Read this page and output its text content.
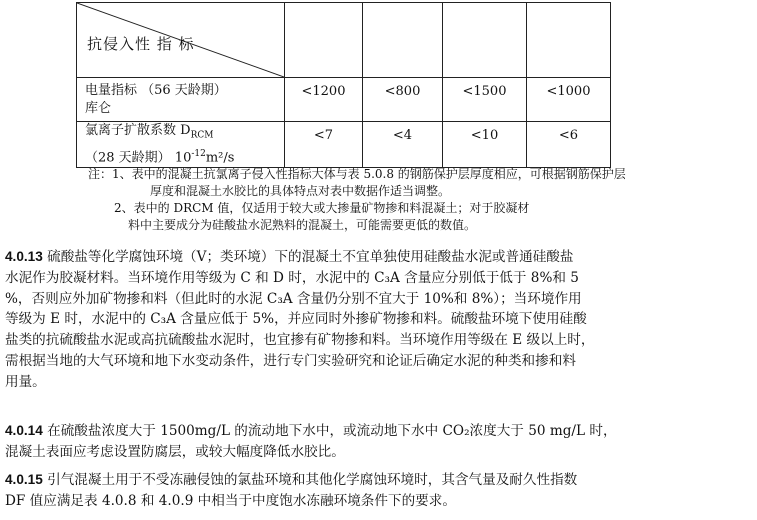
抗侵入性 指 标				

电量指标 （56 天龄期）
库仑	<1200	<800	<1500	<1000

氯离子扩散系数 $D_{RCM}$
（28 天龄期） $10^{-12}m^2/s$	<7	<4	<10	<6
注：1、表中的混凝土抗氯离子侵入性指标大体与表 5.0.8 的钢筋保护层厚度相应，可根据钢筋保护层
厚度和混凝土水胶比的具体特点对表中数据作适当调整。
2、表中的 DRCM 值，仅适用于较大或大掺量矿物掺和料混凝土；对于胶凝材
料中主要成分为硅酸盐水泥熟料的混凝土，可能需要更低的数值。
4.0.13 硫酸盐等化学腐蚀环境（V；类环境）下的混凝土不宜单独使用硅酸盐水泥或普通硅酸盐
水泥作为胶凝材料。当环境作用等级为 C 和 D 时，水泥中的 C₃A 含量应分别低于低于 8%和 5
%，否则应外加矿物掺和料（但此时的水泥 C₃A 含量仍分别不宜大于 10%和 8%）；当环境作用
等级为 E 时，水泥中的 C₃A 含量应低于 5%，并应同时外掺矿物掺和料。硫酸盐环境下使用硅酸
盐类的抗硫酸盐水泥或高抗硫酸盐水泥时，也宜掺有矿物掺和料。当环境作用等级在 E 级以上时，
需根据当地的大气环境和地下水变动条件，进行专门实验研究和论证后确定水泥的种类和掺和料
用量。
4.0.14 在硫酸盐浓度大于 1500mg/L 的流动地下水中，或流动地下水中 CO₂浓度大于 50 mg/L 时，
混凝土表面应考虑设置防腐层，或较大幅度降低水胶比。
4.0.15 引气混凝土用于不受冻融侵蚀的氯盐环境和其他化学腐蚀环境时，其含气量及耐久性指数
DF 值应满足表 4.0.8 和 4.0.9 中相当于中度饱水冻融环境条件下的要求。
